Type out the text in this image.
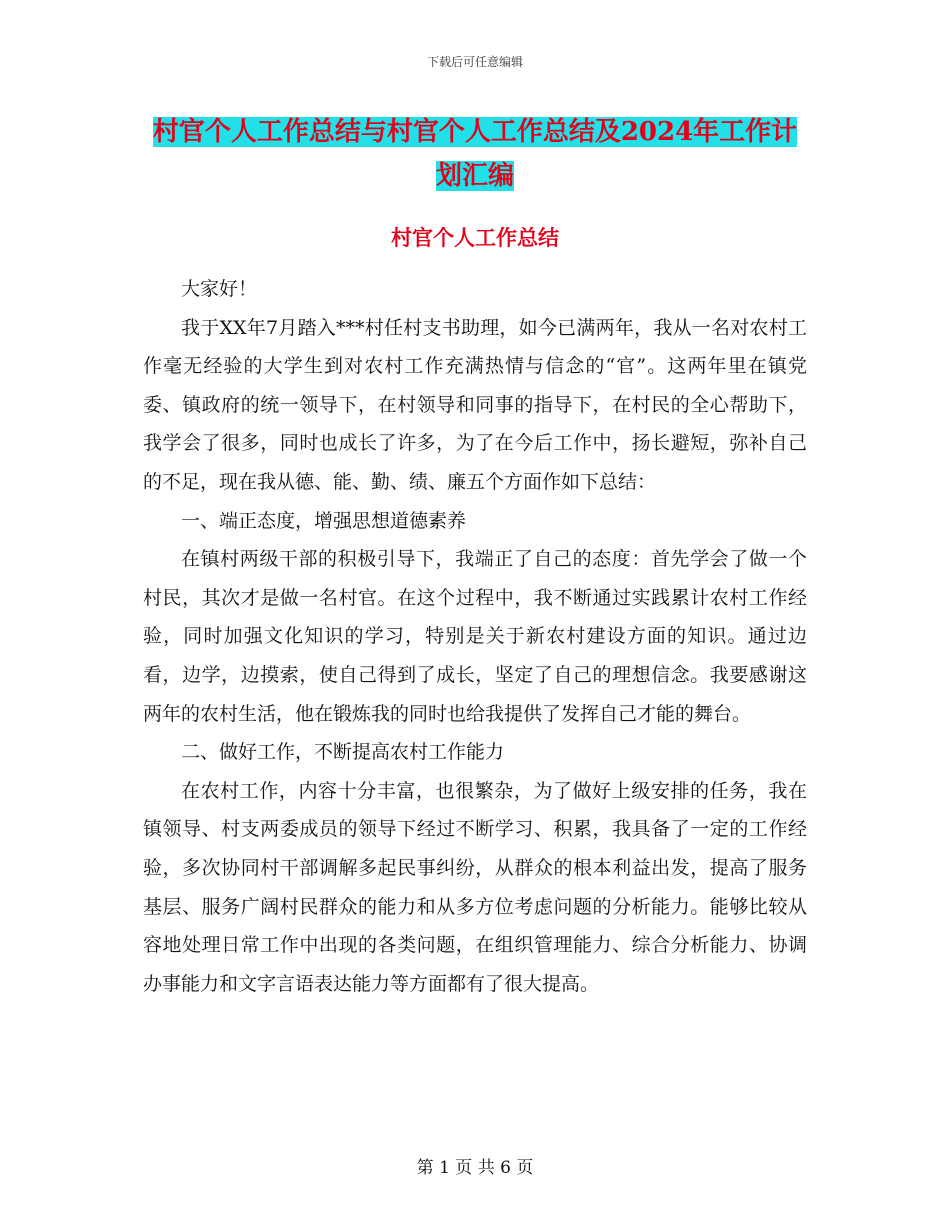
下载后可任意编辑
村官个人工作总结与村官个人工作总结及2024年工作计划汇编
村官个人工作总结

大家好！

我于XX年7月踏入***村任村支书助理，如今已满两年，我从一名对农村工作毫无经验的大学生到对农村工作充满热情与信念的“官”。这两年里在镇党委、镇政府的统一领导下，在村领导和同事的指导下，在村民的全心帮助下，我学会了很多，同时也成长了许多，为了在今后工作中，扬长避短，弥补自己的不足，现在我从德、能、勤、绩、廉五个方面作如下总结：

一、端正态度，增强思想道德素养

在镇村两级干部的积极引导下，我端正了自己的态度：首先学会了做一个村民，其次才是做一名村官。在这个过程中，我不断通过实践累计农村工作经验，同时加强文化知识的学习，特别是关于新农村建设方面的知识。通过边看，边学，边摸索，使自己得到了成长，坚定了自己的理想信念。我要感谢这两年的农村生活，他在锻炼我的同时也给我提供了发挥自己才能的舞台。

二、做好工作，不断提高农村工作能力

在农村工作，内容十分丰富，也很繁杂，为了做好上级安排的任务，我在镇领导、村支两委成员的领导下经过不断学习、积累，我具备了一定的工作经验，多次协同村干部调解多起民事纠纷，从群众的根本利益出发，提高了服务基层、服务广阔村民群众的能力和从多方位考虑问题的分析能力。能够比较从容地处理日常工作中出现的各类问题，在组织管理能力、综合分析能力、协调办事能力和文字言语表达能力等方面都有了很大提高。

第 1 页 共 6 页
